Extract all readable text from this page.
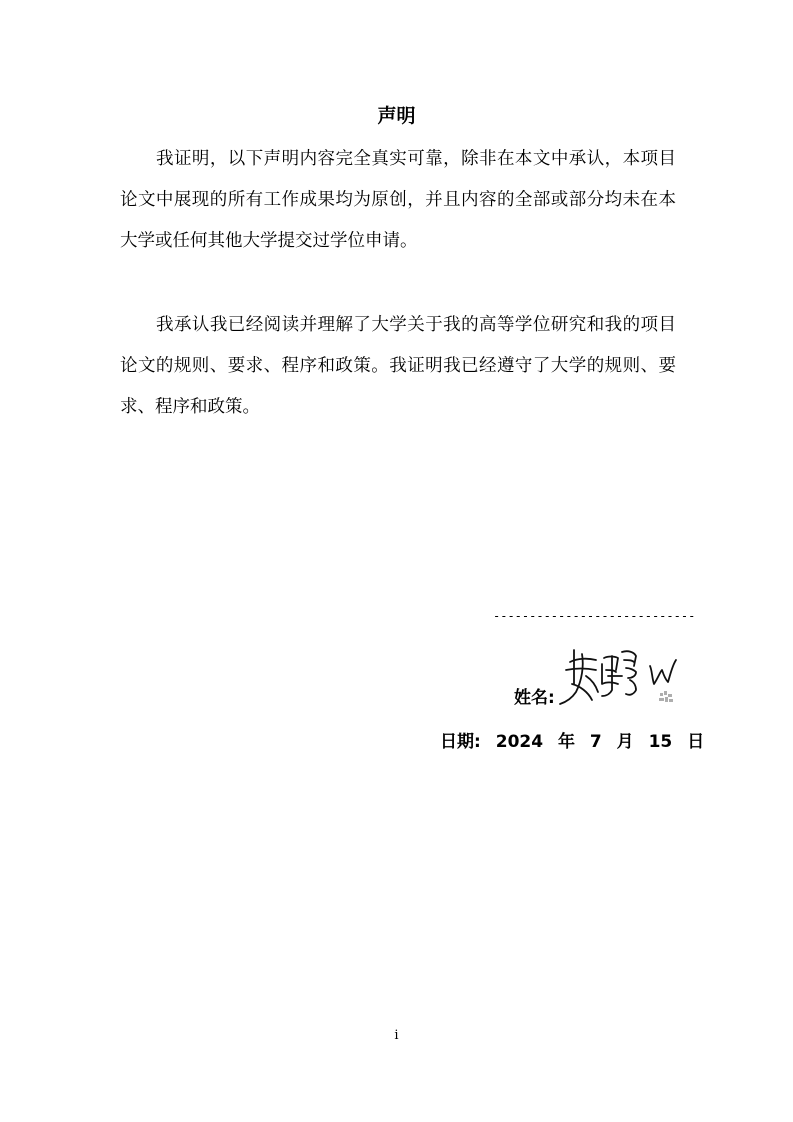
声明

我证明，以下声明内容完全真实可靠，除非在本文中承认，本项目论文中展现的所有工作成果均为原创，并且内容的全部或部分均未在本大学或任何其他大学提交过学位申请。

我承认我已经阅读并理解了大学关于我的高等学位研究和我的项目论文的规则、要求、程序和政策。我证明我已经遵守了大学的规则、要求、程序和政策。

----------------------------
姓名:
日期: 2024 年 7 月 15 日
i
